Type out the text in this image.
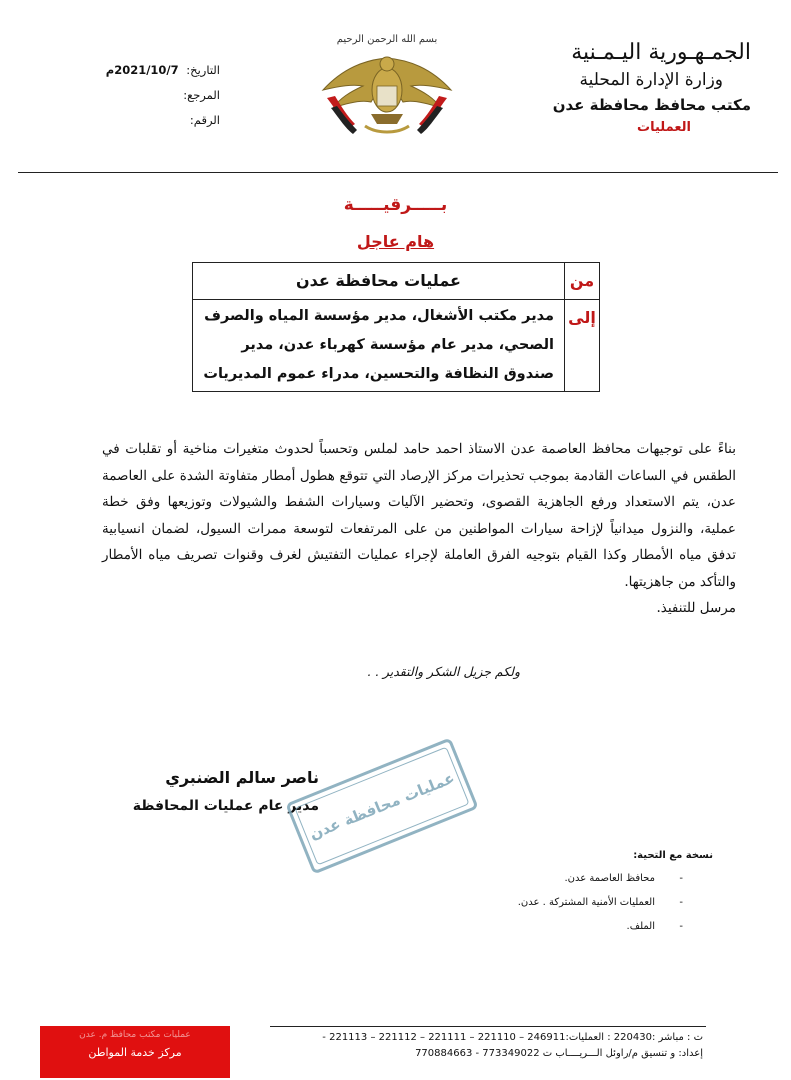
الجمـهـورية اليـمـنية
وزارة الإدارة المحلية
مكتب محافظ محافظة عدن
العمليات
بسم الله الرحمن الرحيم
التاريخ: 2021/10/7م
المرجع:
الرقم:
بـــــرقيـــــة
هام عاجل
من	عمليات محافظة عدن
إلى	مدير مكتب الأشغال، مدير مؤسسة المياه والصرف الصحي، مدير عام مؤسسة كهرباء عدن، مدير صندوق النظافة والتحسين، مدراء عموم المديريات
بناءً على توجيهات محافظ العاصمة عدن الاستاذ احمد حامد لملس وتحسباً لحدوث متغيرات مناخية أو تقلبات في الطقس في الساعات القادمة بموجب تحذيرات مركز الإرصاد التي تتوقع هطول أمطار متفاوتة الشدة على العاصمة عدن، يتم الاستعداد ورفع الجاهزية القصوى، وتحضير الآليات وسيارات الشفط والشيولات وتوزيعها وفق خطة عملية، والنزول ميدانياً لإزاحة سيارات المواطنين من على المرتفعات لتوسعة ممرات السيول، لضمان انسيابية تدفق مياه الأمطار وكذا القيام بتوجيه الفرق العاملة لإجراء عمليات التفتيش لغرف وقنوات تصريف مياه الأمطار والتأكد من جاهزيتها.
مرسل للتنفيذ.
ولكم جزيل الشكر والتقدير . .
ناصر سالم الضنبري
مدير عام عمليات المحافظة
عمليات محافظة عدن
نسخة مع التحية:
-محافظ العاصمة عدن.
-العمليات الأمنية المشتركة . عدن.
-الملف.
ت : مباشر :220430 : العمليات:246911 – 221110 – 221111 – 221112 – 221113 -
إعداد: و تنسيق م/راوئل الـــريــــاب ت 773349022 - 770884663
عمليات مكتب محافظ م. عدن
مركز خدمة المواطن
